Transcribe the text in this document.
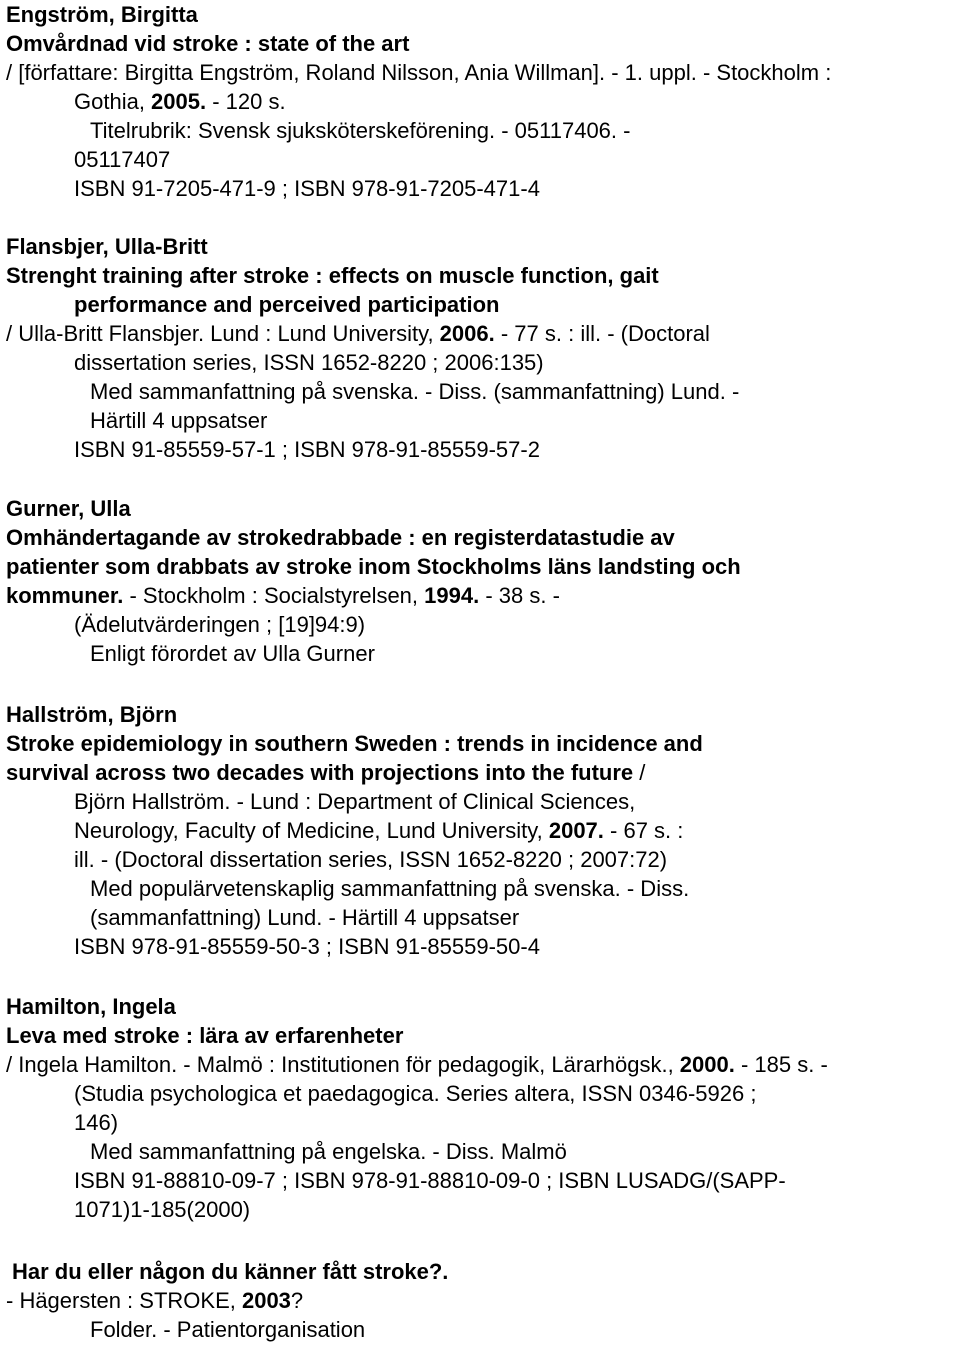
Engström, Birgitta
Omvårdnad vid stroke : state of the art
/ [författare: Birgitta Engström, Roland Nilsson, Ania Willman]. - 1. uppl. - Stockholm :
Gothia, 2005. - 120 s.
Titelrubrik: Svensk sjuksköterskeförening. - 05117406. -
05117407
ISBN 91-7205-471-9 ; ISBN 978-91-7205-471-4
Flansbjer, Ulla-Britt
Strenght training after stroke : effects on muscle function, gait
performance and perceived participation
/ Ulla-Britt Flansbjer. Lund : Lund University, 2006. - 77 s. : ill. - (Doctoral
dissertation series, ISSN 1652-8220 ; 2006:135)
Med sammanfattning på svenska. - Diss. (sammanfattning) Lund. -
Härtill 4 uppsatser
ISBN 91-85559-57-1 ; ISBN 978-91-85559-57-2
Gurner, Ulla
Omhändertagande av strokedrabbade : en registerdatastudie av
patienter som drabbats av stroke inom Stockholms läns landsting och
kommuner. - Stockholm : Socialstyrelsen, 1994. - 38 s. -
(Ädelutvärderingen ; [19]94:9)
Enligt förordet av Ulla Gurner
Hallström, Björn
Stroke epidemiology in southern Sweden : trends in incidence and
survival across two decades with projections into the future /
Björn Hallström. - Lund : Department of Clinical Sciences,
Neurology, Faculty of Medicine, Lund University, 2007. - 67 s. :
ill. - (Doctoral dissertation series, ISSN 1652-8220 ; 2007:72)
Med populärvetenskaplig sammanfattning på svenska. - Diss.
(sammanfattning) Lund. - Härtill 4 uppsatser
ISBN 978-91-85559-50-3 ; ISBN 91-85559-50-4
Hamilton, Ingela
Leva med stroke : lära av erfarenheter
/ Ingela Hamilton. - Malmö : Institutionen för pedagogik, Lärarhögsk., 2000. - 185 s. -
(Studia psychologica et paedagogica. Series altera, ISSN 0346-5926 ;
146)
Med sammanfattning på engelska. - Diss. Malmö
ISBN 91-88810-09-7 ; ISBN 978-91-88810-09-0 ; ISBN LUSADG/(SAPP-
1071)1-185(2000)
Har du eller någon du känner fått stroke?.
- Hägersten : STROKE, 2003?
Folder. - Patientorganisation
